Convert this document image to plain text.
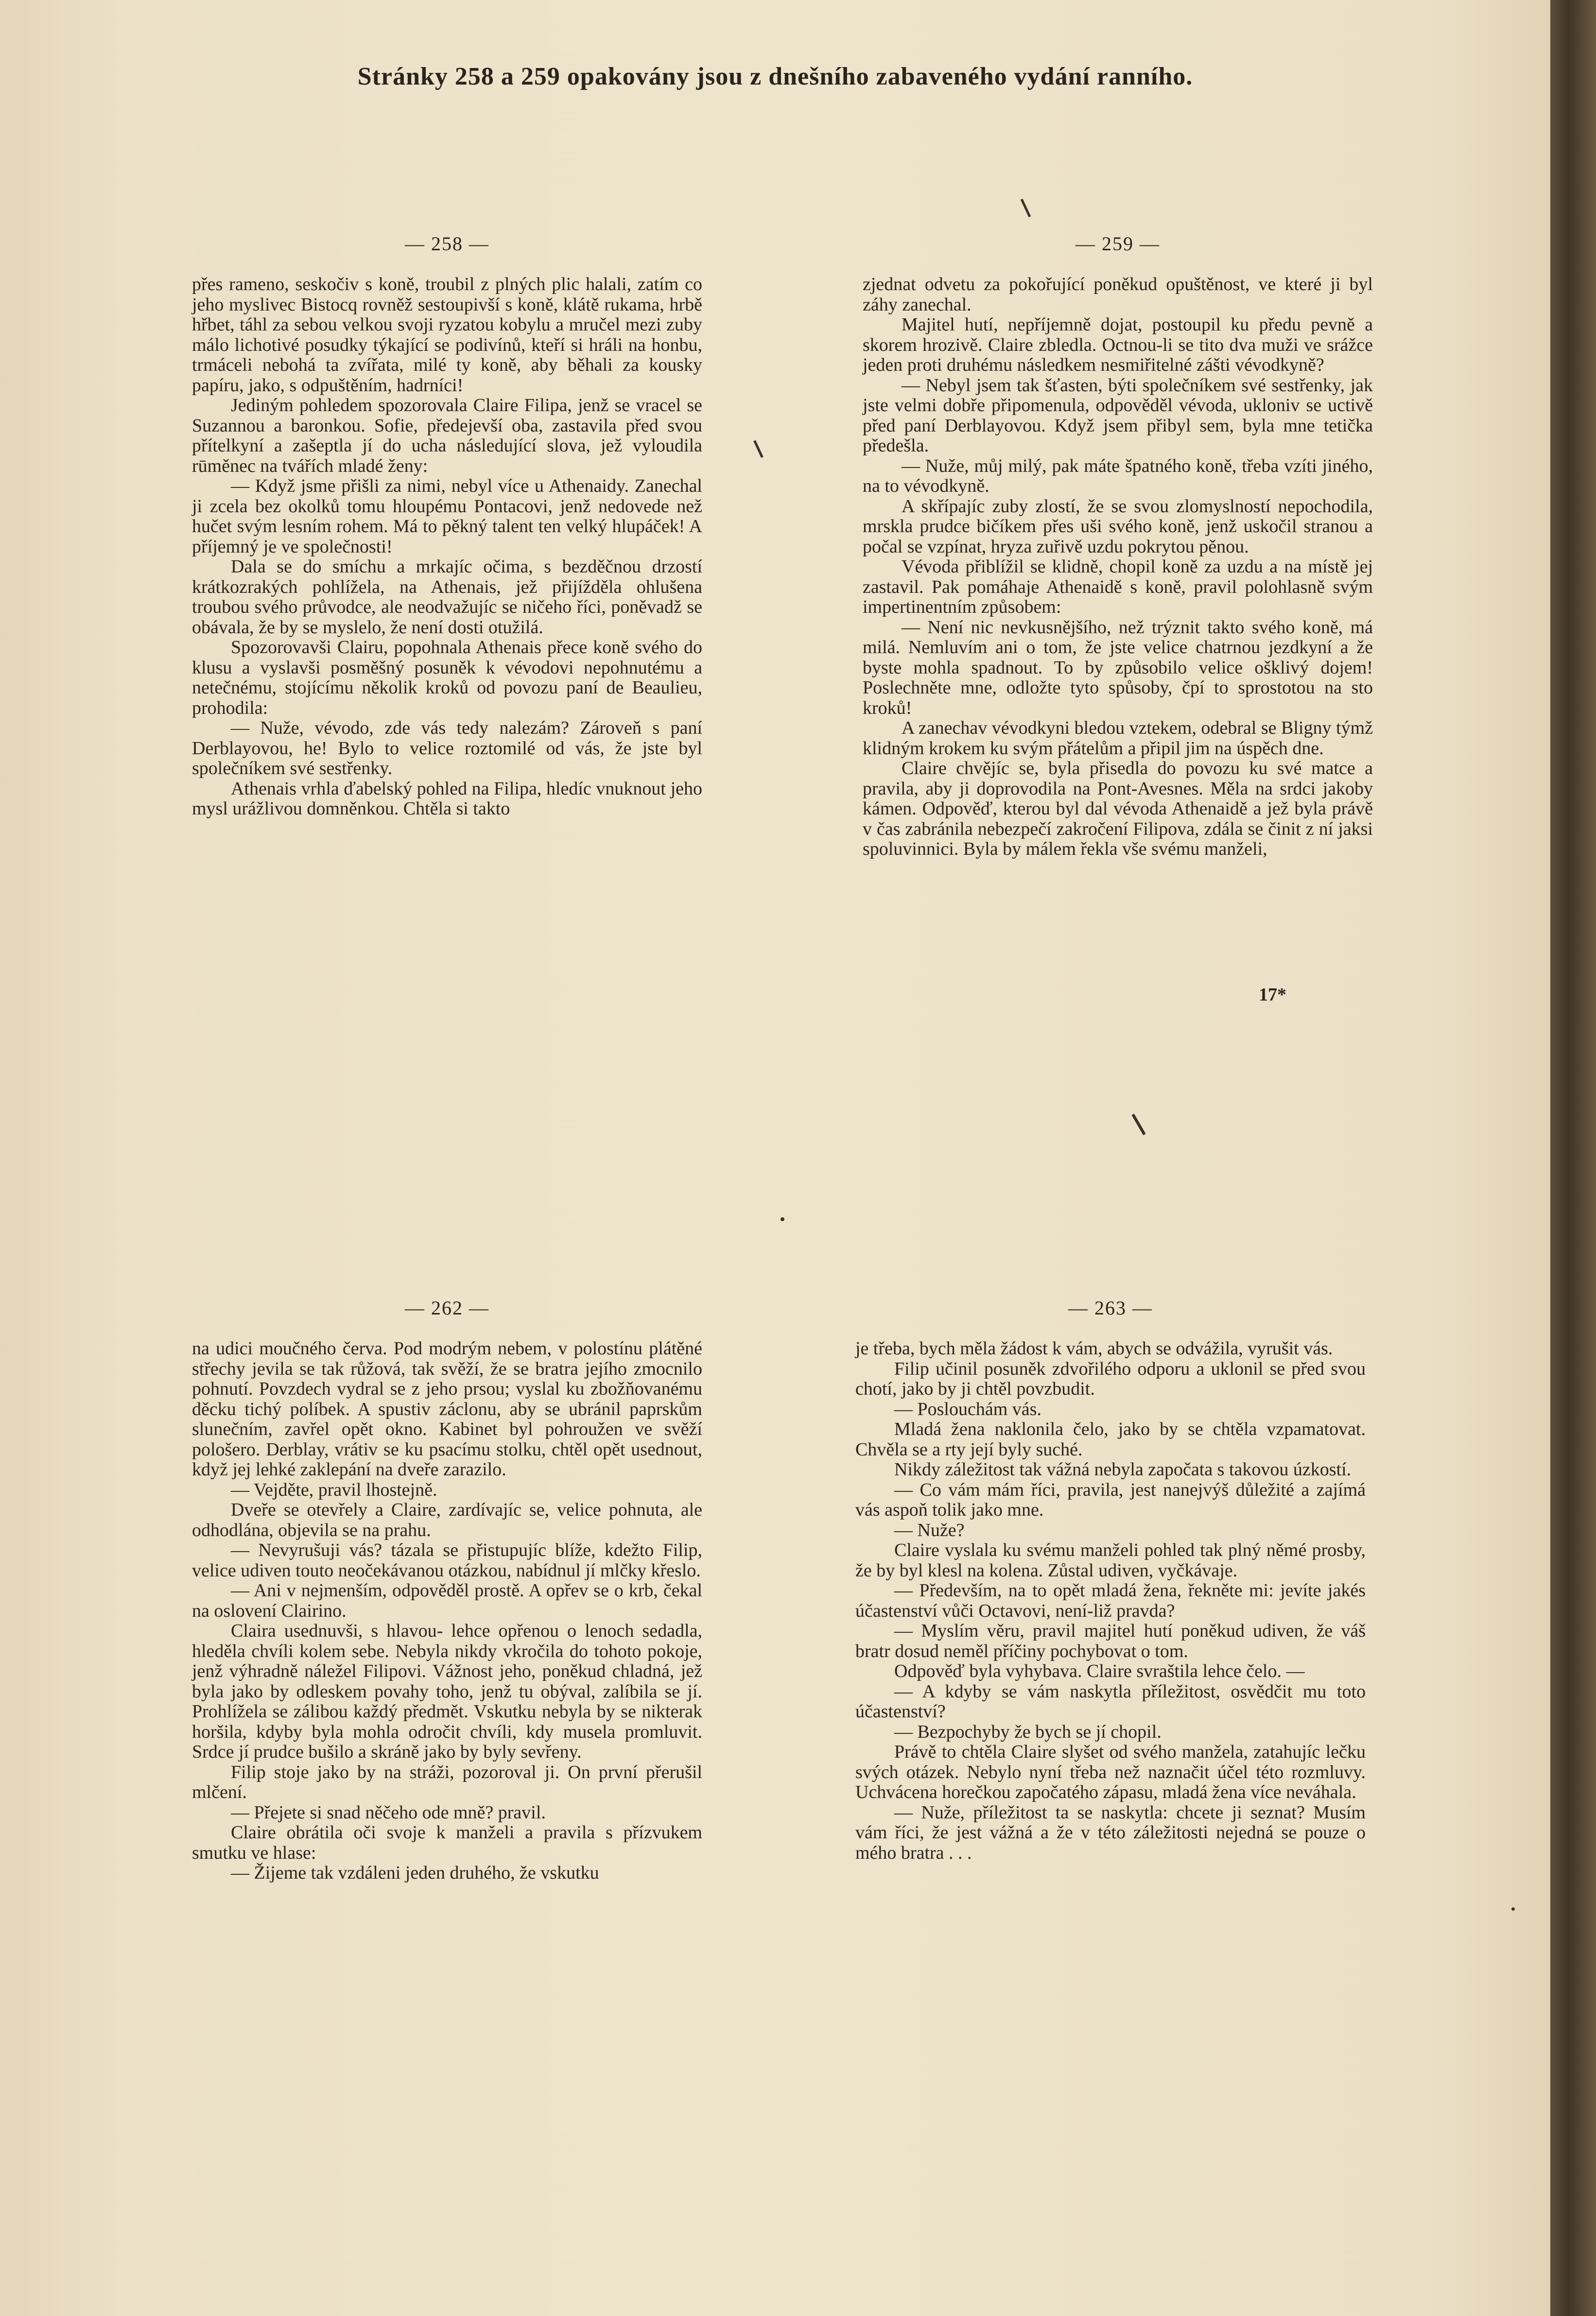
Stránky 258 a 259 opakovány jsou z dnešního zabaveného vydání ranního.
— 258 —

přes rameno, seskočiv s koně, troubil z plných plic halali, zatím co jeho myslivec Bistocq rovněž sestoupivší s koně, klátě rukama, hrbě hřbet, táhl za sebou velkou svoji ryzatou kobylu a mručel mezi zuby málo lichotivé posudky týkající se podivínů, kteří si hráli na honbu, trmáceli nebohá ta zvířata, milé ty koně, aby běhali za kousky papíru, jako, s odpuštěním, hadrníci!

Jediným pohledem spozorovala Claire Filipa, jenž se vracel se Suzannou a baronkou. Sofie, předejevší oba, zastavila před svou přítelkyní a zašeptla jí do ucha následující slova, jež vyloudila rūměnec na tvářích mladé ženy:

— Když jsme přišli za nimi, nebyl více u Athenaidy. Zanechal ji zcela bez okolků tomu hloupému Pontacovi, jenž nedovede než hučet svým lesním rohem. Má to pěkný talent ten velký hlupáček! A příjemný je ve společnosti!

Dala se do smíchu a mrkajíc očima, s bezděčnou drzostí krátkozrakých pohlížela, na Athenais, jež přijížděla ohlušena troubou svého průvodce, ale neodvažujíc se ničeho říci, poněvadž se obávala, že by se myslelo, že není dosti otužilá.

Spozorovavši Clairu, popohnala Athenais přece koně svého do klusu a vyslavši posměšný posuněk k vévodovi nepohnutému a netečnému, stojícímu několik kroků od povozu paní de Beaulieu, prohodila:

— Nuže, vévodo, zde vás tedy nalezám? Zároveň s paní Derblayovou, he! Bylo to velice roztomilé od vás, že jste byl společníkem své sestřenky.

Athenais vrhla ďabelský pohled na Filipa, hledíc vnuknout jeho mysl urážlivou domněnkou. Chtěla si takto

— 259 —

zjednat odvetu za pokořující poněkud opuštěnost, ve které ji byl záhy zanechal.

Majitel hutí, nepříjemně dojat, postoupil ku předu pevně a skorem hrozivě. Claire zbledla. Octnou-li se tito dva muži ve srážce jeden proti druhému následkem nesmiřitelné zášti vévodkyně?

— Nebyl jsem tak šťasten, býti společníkem své sestřenky, jak jste velmi dobře připomenula, odpověděl vévoda, ukloniv se uctivě před paní Derblayovou. Když jsem přibyl sem, byla mne tetička předešla.

— Nuže, můj milý, pak máte špatného koně, třeba vzíti jiného, na to vévodkyně.

A skřípajíc zuby zlostí, že se svou zlomyslností nepochodila, mrskla prudce bičíkem přes uši svého koně, jenž uskočil stranou a počal se vzpínat, hryza zuřivě uzdu pokrytou pěnou.

Vévoda přiblížil se klidně, chopil koně za uzdu a na místě jej zastavil. Pak pomáhaje Athenaidě s koně, pravil polohlasně svým impertinentním způsobem:

— Není nic nevkusnějšího, než trýznit takto svého koně, má milá. Nemluvím ani o tom, že jste velice chatrnou jezdkyní a že byste mohla spadnout. To by způsobilo velice ošklivý dojem! Poslechněte mne, odložte tyto spůsoby, čpí to sprostotou na sto kroků!

A zanechav vévodkyni bledou vztekem, odebral se Bligny týmž klidným krokem ku svým přátelům a připil jim na úspěch dne.

Claire chvějíc se, byla přisedla do povozu ku své matce a pravila, aby ji doprovodila na Pont-Avesnes. Měla na srdci jakoby kámen. Odpověď, kterou byl dal vévoda Athenaidě a jež byla právě v čas zabránila nebezpečí zakročení Filipova, zdála se činit z ní jaksi spoluvinnici. Byla by málem řekla vše svému manželi,

17*
— 262 —

na udici moučného červa. Pod modrým nebem, v polostínu plátěné střechy jevila se tak růžová, tak svěží, že se bratra jejího zmocnilo pohnutí. Povzdech vydral se z jeho prsou; vyslal ku zbožňovanému děcku tichý políbek. A spustiv záclonu, aby se ubránil paprskům slunečním, zavřel opět okno. Kabinet byl pohroužen ve svěží pološero. Derblay, vrátiv se ku psacímu stolku, chtěl opět usednout, když jej lehké zaklepání na dveře zarazilo.

— Vejděte, pravil lhostejně.

Dveře se otevřely a Claire, zardívajíc se, velice pohnuta, ale odhodlána, objevila se na prahu.

— Nevyrušuji vás? tázala se přistupujíc blíže, kdežto Filip, velice udiven touto neočekávanou otázkou, nabídnul jí mlčky křeslo.

— Ani v nejmenším, odpověděl prostě. A opřev se o krb, čekal na oslovení Clairino.

Claira usednuvši, s hlavou- lehce opřenou o lenoch sedadla, hleděla chvíli kolem sebe. Nebyla nikdy vkročila do tohoto pokoje, jenž výhradně náležel Filipovi. Vážnost jeho, poněkud chladná, jež byla jako by odleskem povahy toho, jenž tu obýval, zalíbila se jí. Prohlížela se zálibou každý předmět. Vskutku nebyla by se nikterak horšila, kdyby byla mohla odročit chvíli, kdy musela promluvit. Srdce jí prudce bušilo a skráně jako by byly sevřeny.

Filip stoje jako by na stráži, pozoroval ji. On první přerušil mlčení.

— Přejete si snad něčeho ode mně? pravil.

Claire obrátila oči svoje k manželi a pravila s přízvukem smutku ve hlase:

— Žijeme tak vzdáleni jeden druhého, že vskutku

— 263 —

je třeba, bych měla žádost k vám, abych se odvážila, vyrušit vás.

Filip učinil posuněk zdvořilého odporu a uklonil se před svou chotí, jako by ji chtěl povzbudit.

— Poslouchám vás.

Mladá žena naklonila čelo, jako by se chtěla vzpamatovat. Chvěla se a rty její byly suché.

Nikdy záležitost tak vážná nebyla započata s takovou úzkostí.

— Co vám mám říci, pravila, jest nanejvýš důležité a zajímá vás aspoň tolik jako mne.

— Nuže?

Claire vyslala ku svému manželi pohled tak plný němé prosby, že by byl klesl na kolena. Zůstal udiven, vyčkávaje.

— Především, na to opět mladá žena, řekněte mi: jevíte jakés účastenství vůči Octavovi, není-liž pravda?

— Myslím věru, pravil majitel hutí poněkud udiven, že váš bratr dosud neměl příčiny pochybovat o tom.

Odpověď byla vyhybava. Claire svraštila lehce čelo. —

— A kdyby se vám naskytla příležitost, osvědčit mu toto účastenství?

— Bezpochyby že bych se jí chopil.

Právě to chtěla Claire slyšet od svého manžela, zatahujíc lečku svých otázek. Nebylo nyní třeba než naznačit účel této rozmluvy. Uchvácena horečkou započatého zápasu, mladá žena více neváhala.

— Nuže, příležitost ta se naskytla: chcete ji seznat? Musím vám říci, že jest vážná a že v této záležitosti nejedná se pouze o mého bratra . . .
